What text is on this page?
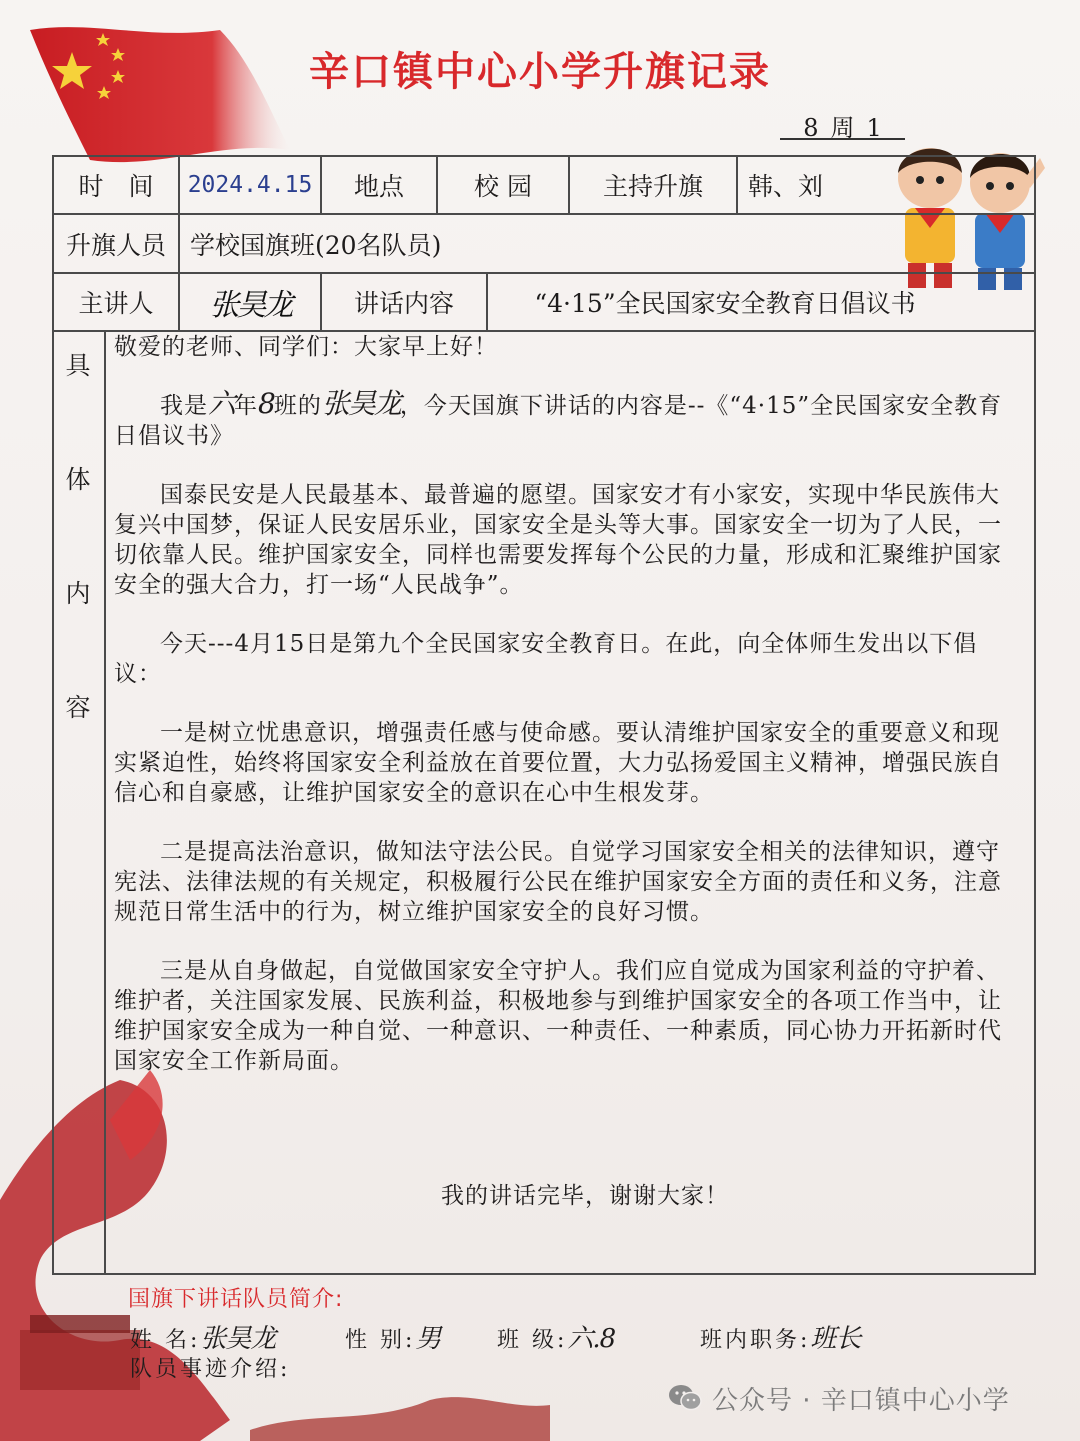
辛口镇中心小学升旗记录
8 周 1
时　间	2024.4.15	地点	校 园	主持升旗	韩、刘
升旗人员 学校国旗班(20名队员)
主讲人	张昊龙	讲话内容	“4·15”全民国家安全教育日倡议书
具
体
内
容

敬爱的老师、同学们：大家早上好！

我是六年8班的张昊龙，今天国旗下讲话的内容是--《“4·15”全民国家安全教育日倡议书》

国泰民安是人民最基本、最普遍的愿望。国家安才有小家安，实现中华民族伟大复兴中国梦，保证人民安居乐业，国家安全是头等大事。国家安全一切为了人民，一切依靠人民。维护国家安全，同样也需要发挥每个公民的力量，形成和汇聚维护国家安全的强大合力，打一场“人民战争”。

今天---4月15日是第九个全民国家安全教育日。在此，向全体师生发出以下倡议：

一是树立忧患意识，增强责任感与使命感。要认清维护国家安全的重要意义和现实紧迫性，始终将国家安全利益放在首要位置，大力弘扬爱国主义精神，增强民族自信心和自豪感，让维护国家安全的意识在心中生根发芽。

二是提高法治意识，做知法守法公民。自觉学习国家安全相关的法律知识，遵守宪法、法律法规的有关规定，积极履行公民在维护国家安全方面的责任和义务，注意规范日常生活中的行为，树立维护国家安全的良好习惯。

三是从自身做起，自觉做国家安全守护人。我们应自觉成为国家利益的守护着、维护者，关注国家发展、民族利益，积极地参与到维护国家安全的各项工作当中，让维护国家安全成为一种自觉、一种意识、一种责任、一种素质，同心协力开拓新时代国家安全工作新局面。

我的讲话完毕，谢谢大家！
国旗下讲话队员简介:
姓 名:张昊龙	性 别:男	班 级:六.8	班内职务:班长
队员事迹介绍:
公众号 · 辛口镇中心小学
